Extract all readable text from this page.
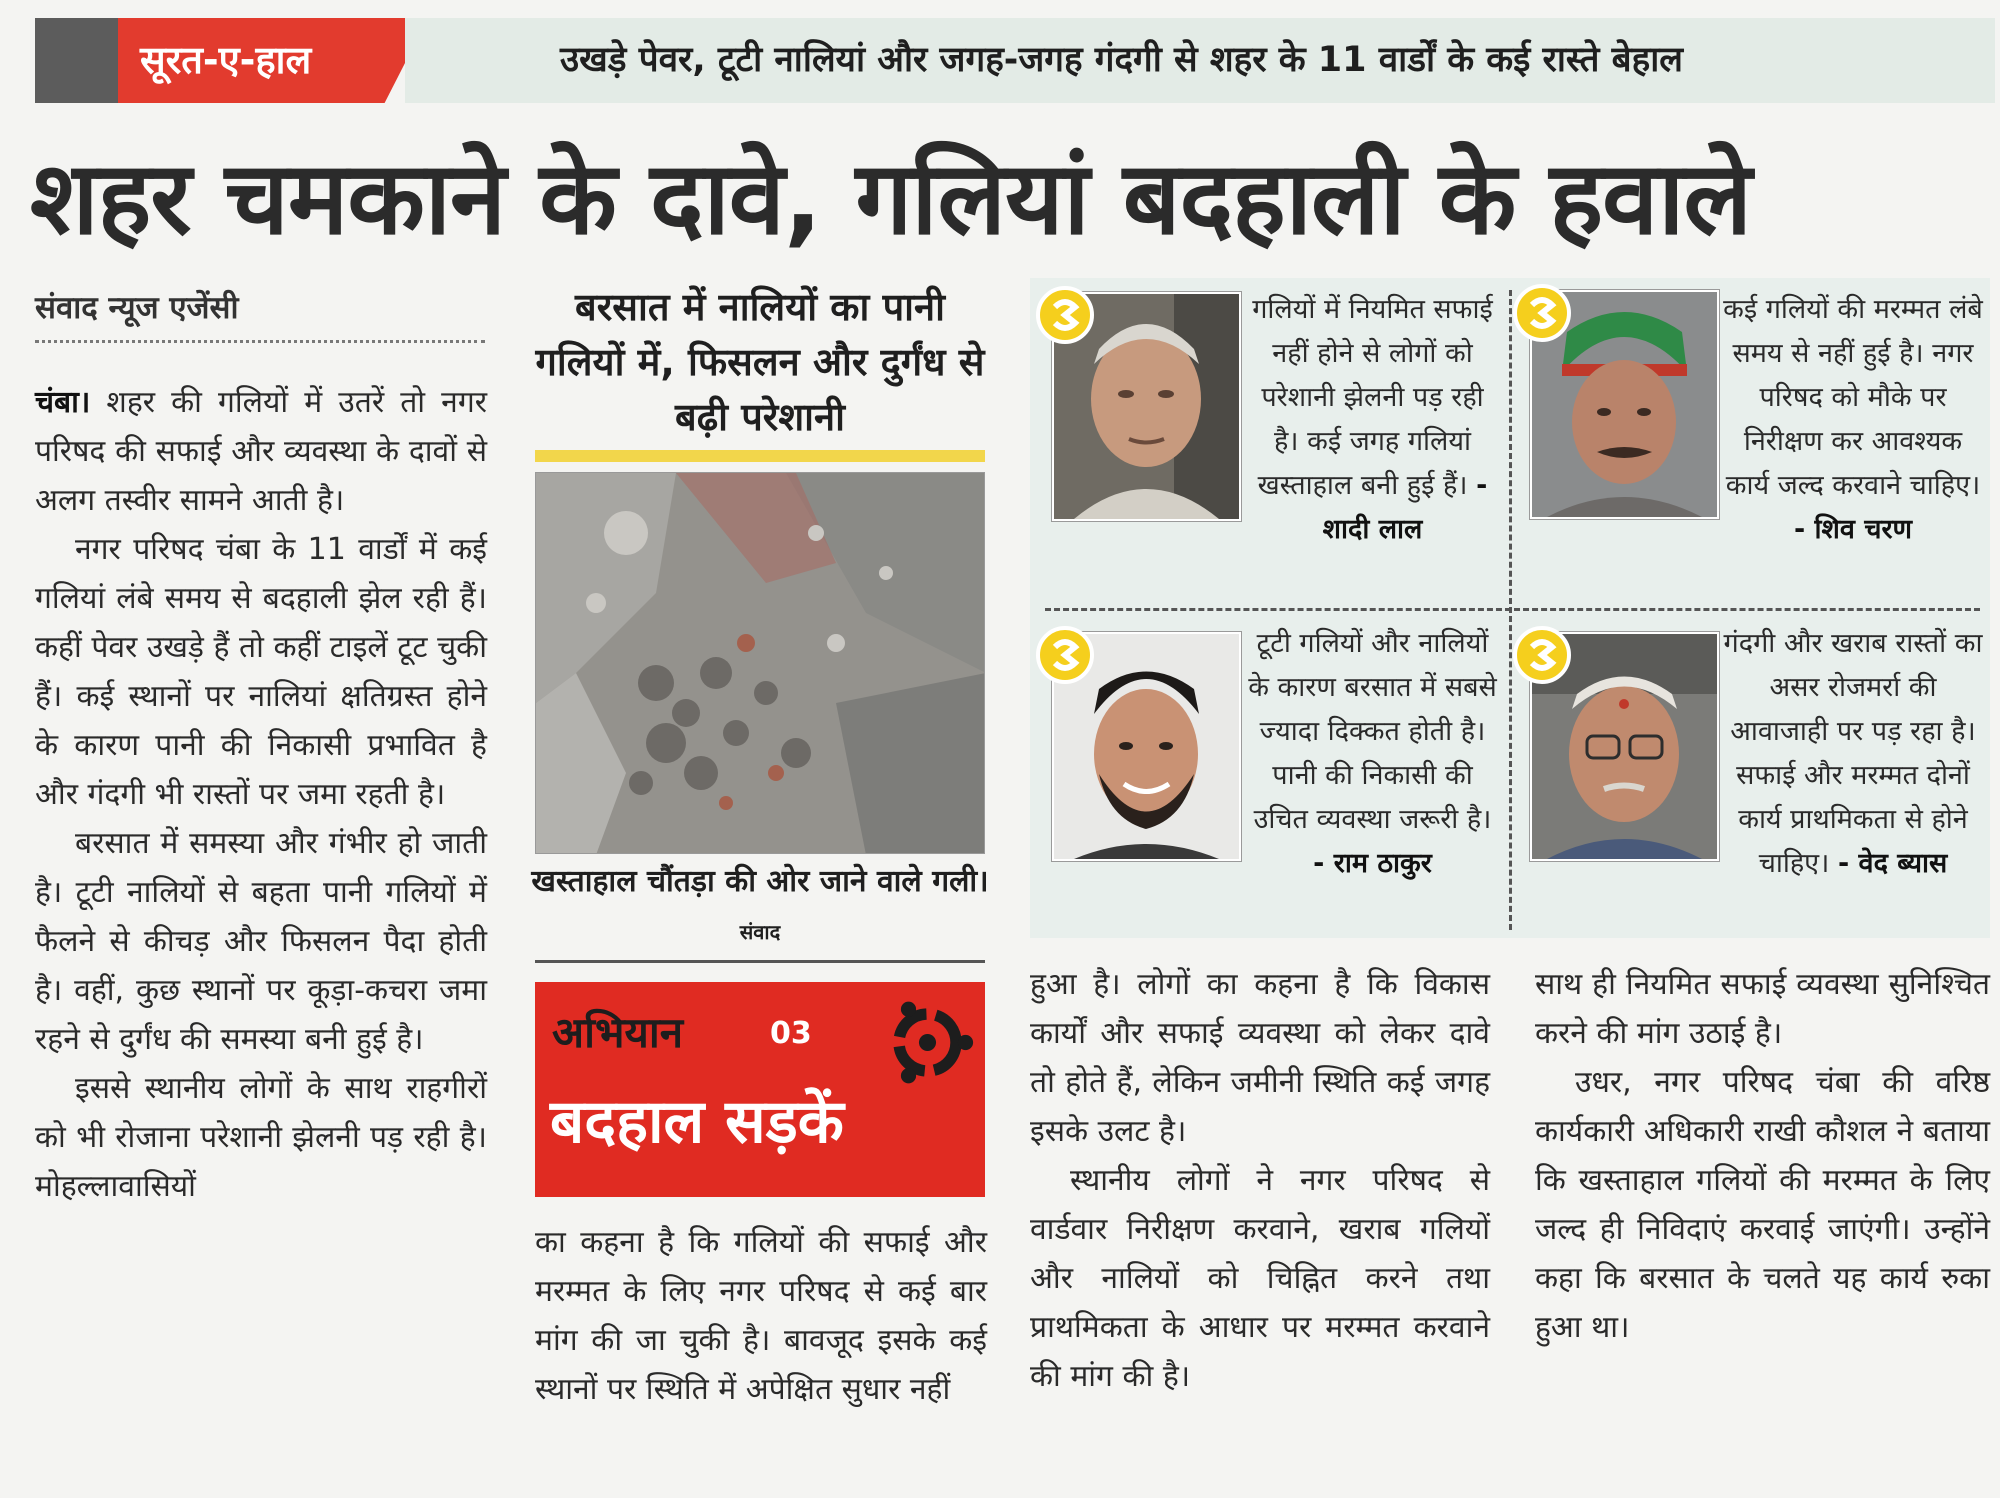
सूरत-ए-हाल	उखड़े पेवर, टूटी नालियां और जगह-जगह गंदगी से शहर के 11 वार्डों के कई रास्ते बेहाल
शहर चमकाने के दावे, गलियां बदहाली के हवाले
संवाद न्यूज एजेंसी

चंबा। शहर की गलियों में उतरें तो नगर परिषद की सफाई और व्यवस्था के दावों से अलग तस्वीर सामने आती है।

नगर परिषद चंबा के 11 वार्डों में कई गलियां लंबे समय से बदहाली झेल रही हैं। कहीं पेवर उखड़े हैं तो कहीं टाइलें टूट चुकी हैं। कई स्थानों पर नालियां क्षतिग्रस्त होने के कारण पानी की निकासी प्रभावित है और गंदगी भी रास्तों पर जमा रहती है।

बरसात में समस्या और गंभीर हो जाती है। टूटी नालियों से बहता पानी गलियों में फैलने से कीचड़ और फिसलन पैदा होती है। वहीं, कुछ स्थानों पर कूड़ा-कचरा जमा रहने से दुर्गंध की समस्या बनी हुई है।

इससे स्थानीय लोगों के साथ राहगीरों को भी रोजाना परेशानी झेलनी पड़ रही है। मोहल्लावासियों

बरसात में नालियों का पानी गलियों में, फिसलन और दुर्गंध से बढ़ी परेशानी
खस्ताहाल चौंतड़ा की ओर जाने वाले गली। संवाद
अभियान	03
बदहाल सड़कें

का कहना है कि गलियों की सफाई और मरम्मत के लिए नगर परिषद से कई बार मांग की जा चुकी है। बावजूद इसके कई स्थानों पर स्थिति में अपेक्षित सुधार नहीं

गलियों में नियमित सफाई नहीं होने से लोगों को परेशानी झेलनी पड़ रही है। कई जगह गलियां खस्ताहाल बनी हुई हैं। - शादी लाल
कई गलियों की मरम्मत लंबे समय से नहीं हुई है। नगर परिषद को मौके पर निरीक्षण कर आवश्यक कार्य जल्द करवाने चाहिए। - शिव चरण
टूटी गलियों और नालियों के कारण बरसात में सबसे ज्यादा दिक्कत होती है। पानी की निकासी की उचित व्यवस्था जरूरी है। - राम ठाकुर
गंदगी और खराब रास्तों का असर रोजमर्रा की आवाजाही पर पड़ रहा है। सफाई और मरम्मत दोनों कार्य प्राथमिकता से होने चाहिए। - वेद ब्यास

हुआ है। लोगों का कहना है कि विकास कार्यों और सफाई व्यवस्था को लेकर दावे तो होते हैं, लेकिन जमीनी स्थिति कई जगह इसके उलट है।

स्थानीय लोगों ने नगर परिषद से वार्डवार निरीक्षण करवाने, खराब गलियों और नालियों को चिह्नित करने तथा प्राथमिकता के आधार पर मरम्मत करवाने की मांग की है।

साथ ही नियमित सफाई व्यवस्था सुनिश्चित करने की मांग उठाई है।

उधर, नगर परिषद चंबा की वरिष्ठ कार्यकारी अधिकारी राखी कौशल ने बताया कि खस्ताहाल गलियों की मरम्मत के लिए जल्द ही निविदाएं करवाई जाएंगी। उन्होंने कहा कि बरसात के चलते यह कार्य रुका हुआ था।
